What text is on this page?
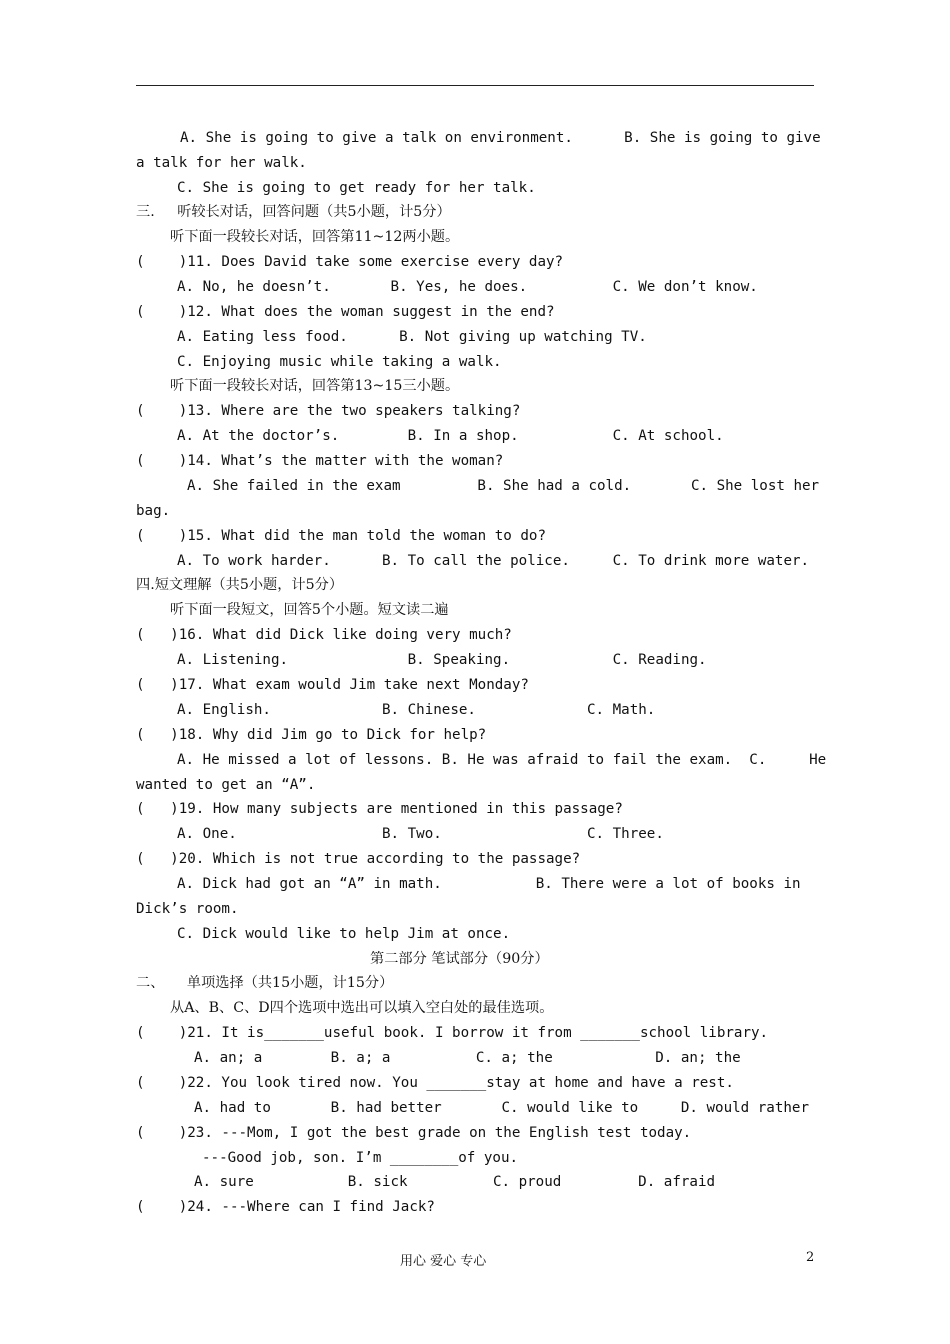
A. She is going to give a talk on environment.      B. She is going to give
a talk for her walk.
C. She is going to get ready for her talk.
三.     听较长对话，回答问题（共5小题，计5分）
听下面一段较长对话，回答第11~12两小题。
(    )11. Does David take some exercise every day?
A. No, he doesn’t.       B. Yes, he does.          C. We don’t know.
(    )12. What does the woman suggest in the end?
A. Eating less food.      B. Not giving up watching TV.
C. Enjoying music while taking a walk.
听下面一段较长对话，回答第13~15三小题。
(    )13. Where are the two speakers talking?
A. At the doctor’s.        B. In a shop.           C. At school.
(    )14. What’s the matter with the woman?
A. She failed in the exam         B. She had a cold.       C. She lost her
bag.
(    )15. What did the man told the woman to do?
A. To work harder.      B. To call the police.     C. To drink more water.
四.短文理解（共5小题，计5分）
听下面一段短文，回答5个小题。短文读二遍
(   )16. What did Dick like doing very much?
A. Listening.              B. Speaking.            C. Reading.
(   )17. What exam would Jim take next Monday?
A. English.             B. Chinese.             C. Math.
(   )18. Why did Jim go to Dick for help?
A. He missed a lot of lessons. B. He was afraid to fail the exam.  C.     He
wanted to get an “A”.
(   )19. How many subjects are mentioned in this passage?
A. One.                 B. Two.                 C. Three.
(   )20. Which is not true according to the passage?
A. Dick had got an “A” in math.           B. There were a lot of books in
Dick’s room.
C. Dick would like to help Jim at once.
第二部分 笔试部分（90分）
二、     单项选择（共15小题，计15分）
从A、B、C、D四个选项中选出可以填入空白处的最佳选项。
(    )21. It is_______useful book. I borrow it from _______school library.
A. an; a        B. a; a          C. a; the            D. an; the
(    )22. You look tired now. You _______stay at home and have a rest.
A. had to       B. had better       C. would like to     D. would rather
(    )23. ---Mom, I got the best grade on the English test today.
---Good job, son. I’m ________of you.
A. sure           B. sick          C. proud         D. afraid
(    )24. ---Where can I find Jack?
用心 爱心 专心	2
